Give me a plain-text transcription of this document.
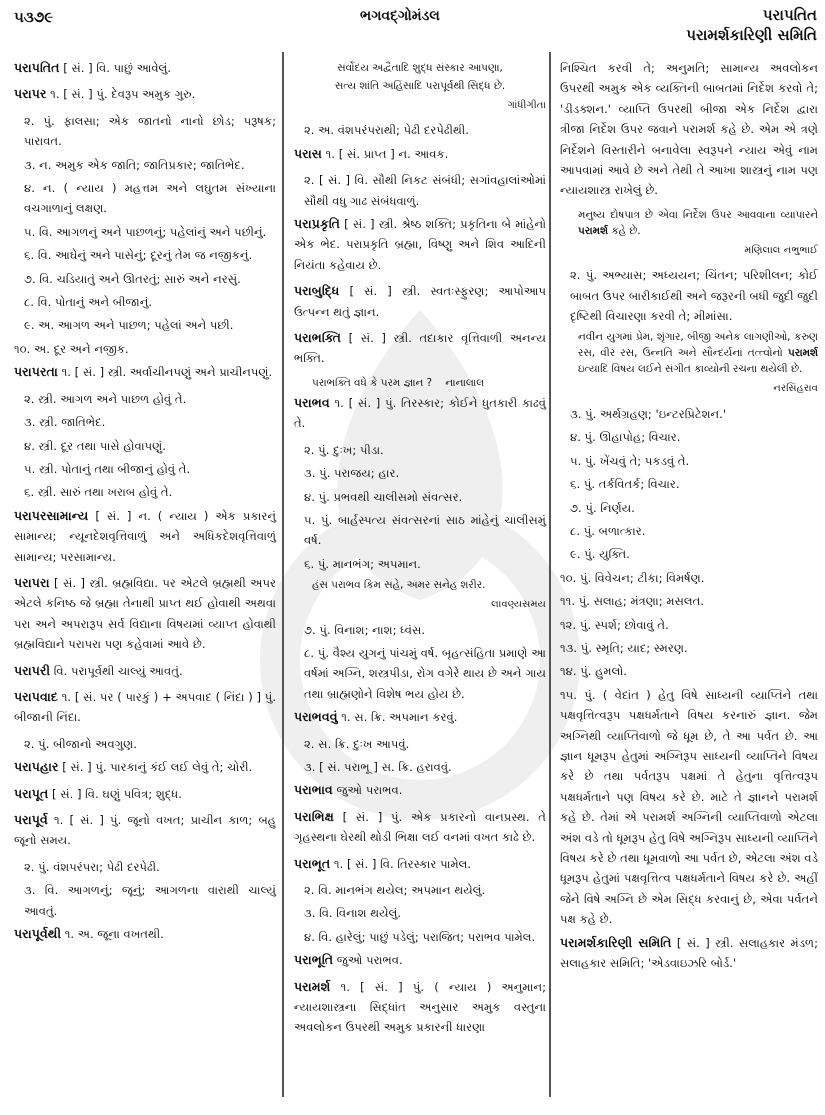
૫૩૭૯	ભગવદ્ગોમંડલ	પરાપતિત
પરામર્શકારિણી સમિતિ
પરાપતિત [ સં. ] વિ. પાછું આવેલું.
પરાપર ૧. [ સં. ] પું. દેવરૂપ અમુક ગુરુ.
૨. પું. ફાલસા; એક જાતનો નાનો છોડ; પરૂષક; પારાવત.
૩. ન. અમુક એક જાતિ; જાતિપ્રકાર; જાતિભેદ.
૪. ન. ( ન્યાય ) મહત્તમ અને લઘુતમ સંખ્યાના વચગાળાનું લક્ષણ.
૫. વિ. આગળનું અને પાછળનું; પહેલાંનું અને પછીનું.
૬. વિ. આઘેનું અને પાસેનું; દૂરનું તેમ જ નજીકનું.
૭. વિ. ચડિયાતું અને ઊતરતું; સારું અને નરસું.
૮. વિ. પોતાનું અને બીજાનું.
૯. અ. આગળ અને પાછળ; પહેલાં અને પછી.
૧૦. અ. દૂર અને નજીક.
પરાપરતા ૧. [ સં. ] સ્ત્રી. અર્વાચીનપણું અને પ્રાચીનપણું.
૨. સ્ત્રી. આગળ અને પાછળ હોવું તે.
૩. સ્ત્રી. જાતિભેદ.
૪. સ્ત્રી. દૂર તથા પાસે હોવાપણું.
૫. સ્ત્રી. પોતાનું તથા બીજાનું હોવું તે.
૬. સ્ત્રી. સારું તથા ખરાબ હોવું તે.
પરાપરસામાન્ય [ સં. ] ન. ( ન્યાય ) એક પ્રકારનું સામાન્ય; ન્યૂનદેશવૃત્તિવાળું અને અધિકદેશવૃત્તિવાળું સામાન્ય; પરસામાન્ય.
પરાપરા [ સં. ] સ્ત્રી. બ્રહ્મવિદ્યા. પર એટલે બ્રહ્મથી અપર એટલે કનિષ્ઠ જે બ્રહ્મા તેનાથી પ્રાપ્ત થઈ હોવાથી અથવા પરા અને અપરારૂપ સર્વ વિદ્યાના વિષયમાં વ્યાપ્ત હોવાથી બ્રહ્મવિદ્યાને પરાપરા પણ કહેવામાં આવે છે.
પરાપરી વિ. પરાપૂર્વથી ચાલ્યું આવતું.
પરાપવાદ ૧. [ સં. પર ( પારકું ) + અપવાદ ( નિંદા ) ] પું. બીજાની નિંદા.
૨. પું. બીજાનો અવગુણ.
પરાપહાર [ સં. ] પું. પારકાનું કંઈ લઈ લેવું તે; ચોરી.
પરાપૂત [ સં. ] વિ. ઘણું પવિત્ર; શુદ્ધ.
પરાપૂર્વ ૧. [ સં. ] પું. જૂનો વખત; પ્રાચીન કાળ; બહુ જૂનો સમય.
૨. પું. વંશપરંપરા; પેઢી દરપેઢી.
૩. વિ. આગળનું; જૂનું; આગળના વારાથી ચાલ્યું આવતું.
પરાપૂર્વથી ૧. અ. જૂના વખતથી.
સર્વોદય અદ્વૈતાદિ શુદ્ધ સંસ્કાર આપણા,
સત્ય શાંતિ અહિંસાદિ પરાપૂર્વથી સિદ્ધ છે.
ગાંધીગીતા
૨. અ. વંશપરંપરાથી; પેઢી દરપેઢીથી.
પરાસ ૧. [ સં. પ્રાપ્ત ] ન. આવક.
૨. [ સં. ] વિ. સૌથી નિકટ સંબંધી; સગાંવહાલાંઓમાં સૌથી વધુ ગાઢ સંબંધવાળું.
પરાપ્રકૃતિ [ સં. ] સ્ત્રી. શ્રેષ્ઠ શક્તિ; પ્રકૃતિના બે માંહેનો એક ભેદ. પરાપ્રકૃતિ બ્રહ્મા, વિષ્ણુ અને શિવ આદિની નિયંતા કહેવાય છે.
પરાબુદ્ધિ [ સં. ] સ્ત્રી. સ્વતઃસ્ફુરણ; આપોઆપ ઉત્પન્ન થતું જ્ઞાન.
પરાભક્તિ [ સં. ] સ્ત્રી. તદાકાર વૃત્તિવાળી અનન્ય ભક્તિ.
પરાભક્તિ વધે કે પરમ જ્ઞાન ? નાનાલાલ
પરાભવ ૧. [ સં. ] પું. તિરસ્કાર; કોઈને ધુતકારી કાઢવું તે.
૨. પું. દુઃખ; પીડા.
૩. પું. પરાજય; હાર.
૪. પું. પ્રભવથી ચાલીસમો સંવત્સર.
૫. પું. બાર્હસ્પત્ય સંવત્સરનાં સાઠ માંહેનું ચાલીસમું વર્ષ.
૬. પું. માનભંગ; અપમાન.
હંસ પરાભવ કિમ સહે, અમર સનેહ શરીર.
લાવણ્યસમય
૭. પું. વિનાશ; નાશ; ધ્વંસ.
૮. પું. વૈશ્ય યુગનું પાંચમું વર્ષ. બૃહત્સંહિતા પ્રમાણે આ વર્ષમાં અગ્નિ, શસ્ત્રપીડા, રોગ વગેરે થાય છે અને ગાય તથા બ્રાહ્મણોને વિશેષ ભય હોય છે.
પરાભવવું ૧. સ. ક્રિ. અપમાન કરવું.
૨. સ. ક્રિ. દુઃખ આપવું.
૩. [ સં. પરાભૂ ] સ. ક્રિ. હરાવવું.
પરાભાવ જુઓ પરાભવ.
પરાભિક્ષ [ સં. ] પું. એક પ્રકારનો વાનપ્રસ્થ. તે ગૃહસ્થના ઘેરથી થોડી ભિક્ષા લઈ વનમાં વખત કાઢે છે.
પરાભૂત ૧. [ સં. ] વિ. તિરસ્કાર પામેલ.
૨. વિ. માનભંગ થયેલ; અપમાન થયેલું.
૩. વિ. વિનાશ થયેલું.
૪. વિ. હારેલું; પાછું પડેલું; પરાજિત; પરાભવ પામેલ.
પરાભૂતિ જુઓ પરાભવ.
પરામર્શ ૧. [ સં. ] પું. ( ન્યાય ) અનુમાન; ન્યાયશાસ્ત્રના સિદ્ધાંત અનુસાર અમુક વસ્તુના અવલોકન ઉપરથી અમુક પ્રકારની ધારણા
નિશ્ચિત કરવી તે; અનુમતિ; સામાન્ય અવલોકન ઉપરથી અમુક એક વ્યક્તિની બાબતમાં નિર્દેશ કરવો તે; 'ડીડક્શન.' વ્યાપ્તિ ઉપરથી બીજા એક નિર્દેશ દ્વારા ત્રીજા નિર્દેશ ઉપર જવાને પરામર્શ કહે છે. એમ એ ત્રણે નિર્દેશને વિસ્તારીને બનાવેલા સ્વરૂપને ન્યાય એવું નામ આપવામાં આવે છે અને તેથી તે આખા શાસ્ત્રનું નામ પણ ન્યાયશાસ્ત્ર રાખેલું છે.
મનુષ્ય દોષપાત્ર છે એવા નિર્દેશ ઉપર આવવાના વ્યાપારને પરામર્શ કહે છે.
મણિલાલ નભુભાઈ
૨. પું. અભ્યાસ; અધ્યયન; ચિંતન; પરિશીલન; કોઈ બાબત ઉપર બારીકાઈથી અને જરૂરની બધી જુદી જુદી દૃષ્ટિથી વિચારણા કરવી તે; મીમાંસા.
નવીન યુગમાં પ્રેમ, શૃંગાર, બીજી અનેક લાગણીઓ, કરુણ રસ, વીર રસ, ઉન્નતિ અને સૌન્દર્યનાં તત્ત્વોનો પરામર્શ ઇત્યાદિ વિષય લઈને સંગીત કાવ્યોની રચના થયેલી છે.
નરસિંહરાવ
૩. પું. અર્થગ્રહણ; 'ઇન્ટરપ્રિટેશન.'
૪. પું. ઊહાપોહ; વિચાર.
૫. પું. ખેંચવું તે; પકડવું તે.
૬. પું. તર્કવિતર્ક; વિચાર.
૭. પું. નિર્ણય.
૮. પું. બળાત્કાર.
૯. પું. યુક્તિ.
૧૦. પું. વિવેચન; ટીકા; વિમર્ષણ.
૧૧. પું. સલાહ; મંત્રણા; મસલત.
૧૨. પું. સ્પર્શ; છોવાવું તે.
૧૩. પું. સ્મૃતિ; યાદ; સ્મરણ.
૧૪. પું. હુમલો.
૧૫. પું. ( વેદાંત ) હેતુ વિષે સાધ્યની વ્યાપ્તિને તથા પક્ષવૃત્તિત્વરૂપ પક્ષધર્મતાને વિષય કરનારું જ્ઞાન. જેમ અગ્નિથી વ્યાપ્તિવાળો જે ધૂમ છે, તે આ પર્વત છે. આ જ્ઞાન ધૂમરૂપ હેતુમાં અગ્નિરૂપ સાધ્યની વ્યાપ્તિને વિષય કરે છે તથા પર્વતરૂપ પક્ષમાં તે હેતુના વૃત્તિત્વરૂપ પક્ષધર્મતાને પણ વિષય કરે છે. માટે તે જ્ઞાનને પરામર્શ કહે છે. તેમાં એ પરામર્શ અગ્નિની વ્યાપ્તિવાળો એટલા અંશ વડે તો ધૂમરૂપ હેતુ વિષે અગ્નિરૂપ સાધ્યની વ્યાપ્તિને વિષય કરે છે તથા ધૂમવાળો આ પર્વત છે, એટલા અંશ વડે ધૂમરૂપ હેતુમાં પક્ષવૃત્તિત્વ પક્ષધર્મતાને વિષય કરે છે. અહીં જેને વિષે અગ્નિ છે એમ સિદ્ધ કરવાનું છે, એવા પર્વતને પક્ષ કહે છે.
પરામર્શકારિણી સમિતિ [ સં. ] સ્ત્રી. સલાહકાર મંડળ; સલાહકાર સમિતિ; 'એડવાઇઝરિ બોર્ડ.'
